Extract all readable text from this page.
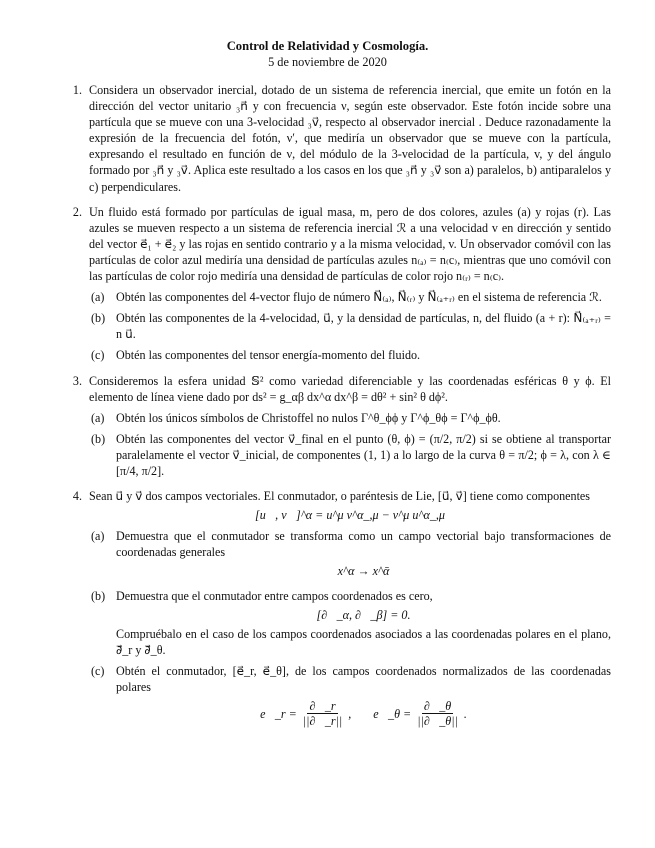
Control de Relatividad y Cosmología.
5 de noviembre de 2020
1. Considera un observador inercial, dotado de un sistema de referencia inercial, que emite un fotón en la dirección del vector unitario ₃n⃗ y con frecuencia ν, según este observador. Este fotón incide sobre una partícula que se mueve con una 3-velocidad ₃v⃗, respecto al observador inercial . Deduce razonadamente la expresión de la frecuencia del fotón, ν′, que mediría un observador que se mueve con la partícula, expresando el resultado en función de ν, del módulo de la 3-velocidad de la partícula, v, y del ángulo formado por ₃n⃗ y ₃v⃗. Aplica este resultado a los casos en los que ₃n⃗ y ₃v⃗ son a) paralelos, b) antiparalelos y c) perpendiculares.
2. Un fluido está formado por partículas de igual masa, m, pero de dos colores, azules (a) y rojas (r). Las azules se mueven respecto a un sistema de referencia inercial ℛ a una velocidad v en dirección y sentido del vector e⃗₁ + e⃗₂ y las rojas en sentido contrario y a la misma velocidad, v. Un observador comóvil con las partículas de color azul mediría una densidad de partículas azules n₍ₐ₎ = n₍c₎, mientras que uno comóvil con las partículas de color rojo mediría una densidad de partículas de color rojo n₍ᵣ₎ = n₍c₎.
(a) Obtén las componentes del 4-vector flujo de número N⃗₍ₐ₎, N⃗₍ᵣ₎ y N⃗₍ₐ₊ᵣ₎ en el sistema de referencia ℛ.
(b) Obtén las componentes de la 4-velocidad, u⃗, y la densidad de partículas, n, del fluido (a + r): N⃗₍ₐ₊ᵣ₎ = n u⃗.
(c) Obtén las componentes del tensor energía-momento del fluido.
3. Consideremos la esfera unidad 𝕊² como variedad diferenciable y las coordenadas esféricas θ y ϕ. El elemento de línea viene dado por ds² = g_αβ dx^α dx^β = dθ² + sin² θ dϕ².
(a) Obtén los únicos símbolos de Christoffel no nulos Γ^θ_ϕϕ y Γ^ϕ_θϕ = Γ^ϕ_ϕθ.
(b) Obtén las componentes del vector v⃗_final en el punto (θ, ϕ) = (π/2, π/2) si se obtiene al transportar paralelamente el vector v⃗_inicial, de componentes (1, 1) a lo largo de la curva θ = π/2; ϕ = λ, con λ ∈ [π/4, π/2].
4. Sean u⃗ y v⃗ dos campos vectoriales. El conmutador, o paréntesis de Lie, [u⃗, v⃗] tiene como componentes
[u⃗, v⃗]^α = u^μ v^α_,μ − v^μ u^α_,μ
(a) Demuestra que el conmutador se transforma como un campo vectorial bajo transformaciones de coordenadas generales
x^α → x^ᾱ
(b) Demuestra que el conmutador entre campos coordenados es cero,
[∂⃗_α, ∂⃗_β] = 0.
Compruébalo en el caso de los campos coordenados asociados a las coordenadas polares en el plano, ∂⃗_r y ∂⃗_θ.
(c) Obtén el conmutador, [e⃗_r, e⃗_θ], de los campos coordenados normalizados de las coordenadas polares
e⃗_r = $\frac{\partial⃗\_r}{||\partial⃗\_r||}$ , e⃗_θ = $\frac{\partial⃗\_\theta}{||\partial⃗\_\theta||}$ .
